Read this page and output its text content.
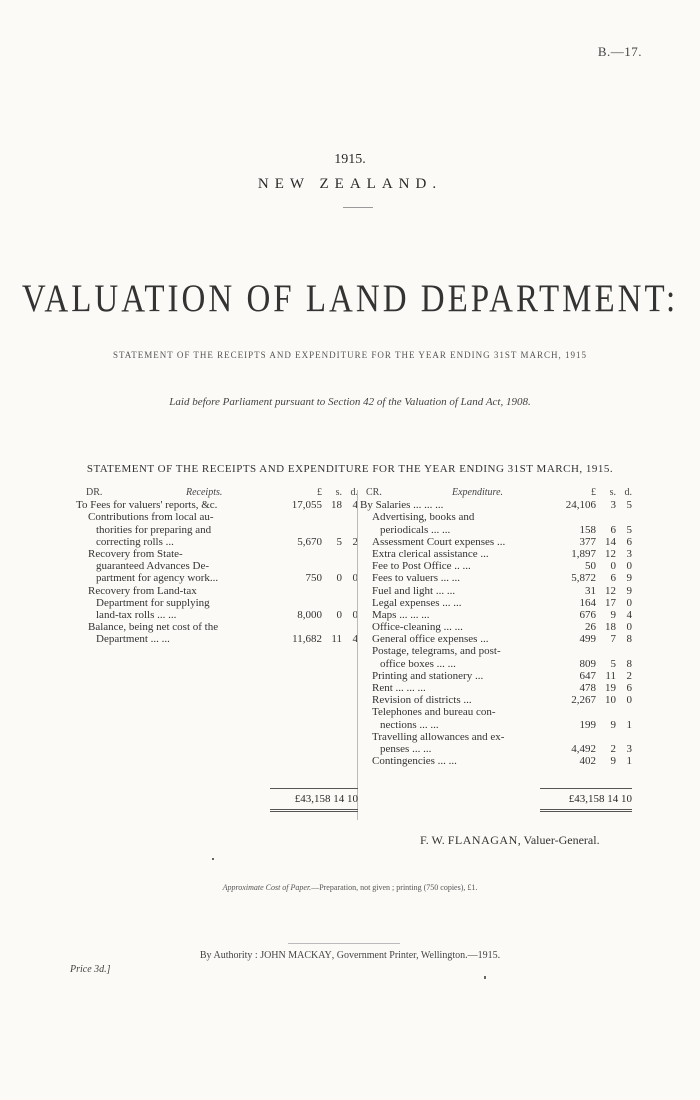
B.—17.
1915.
NEW ZEALAND.
VALUATION OF LAND DEPARTMENT:
STATEMENT OF THE RECEIPTS AND EXPENDITURE FOR THE YEAR ENDING 31ST MARCH, 1915
Laid before Parliament pursuant to Section 42 of the Valuation of Land Act, 1908.
STATEMENT OF THE RECEIPTS AND EXPENDITURE FOR THE YEAR ENDING 31ST MARCH, 1915.
DR.	Receipts.	£ s. d.
To Fees for valuers' reports, &c.	17,055 18 4
Contributions from local au-
thorities for preparing and
correcting rolls ...	5,670 5 2
Recovery from State-
guaranteed Advances De-
partment for agency work...	750 0 0
Recovery from Land-tax
Department for supplying
land-tax rolls ... ...	8,000 0 0
Balance, being net cost of the
Department ... ...	11,682 11 4
CR.	Expenditure.	£ s. d.
By Salaries ... ... ...	24,106 3 5
Advertising, books and
periodicals ... ...	158 6 5
Assessment Court expenses ...	377 14 6
Extra clerical assistance ...	1,897 12 3
Fee to Post Office .. ...	50 0 0
Fees to valuers ... ...	5,872 6 9
Fuel and light ... ...	31 12 9
Legal expenses ... ...	164 17 0
Maps ... ... ...	676 9 4
Office-cleaning ... ...	26 18 0
General office expenses ...	499 7 8
Postage, telegrams, and post-
office boxes ... ...	809 5 8
Printing and stationery ...	647 11 2
Rent ... ... ...	478 19 6
Revision of districts ...	2,267 10 0
Telephones and bureau con-
nections ... ...	199 9 1
Travelling allowances and ex-
penses ... ...	4,492 2 3
Contingencies ... ...	402 9 1
£43,158 14 10	£43,158 14 10
F. W. FLANAGAN, Valuer-General.
Approximate Cost of Paper.—Preparation, not given ; printing (750 copies), £1.
By Authority : JOHN MACKAY, Government Printer, Wellington.—1915.
Price 3d.]
